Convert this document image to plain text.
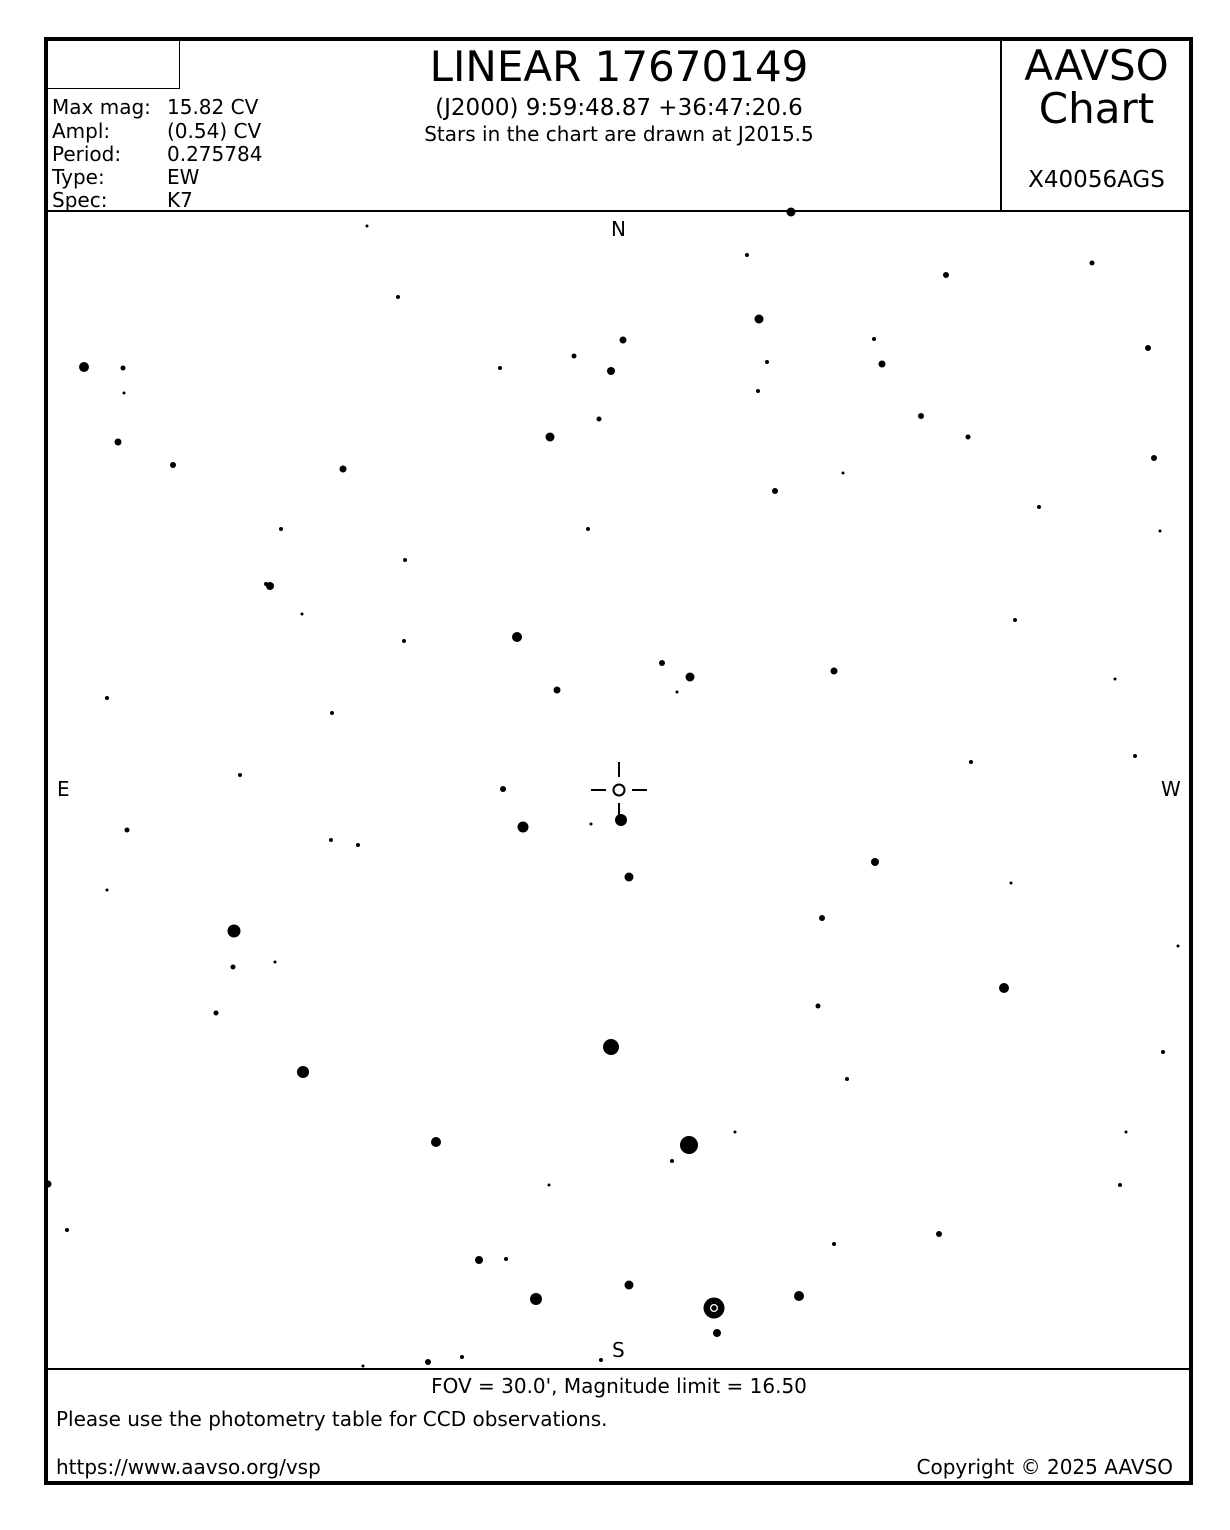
LINEAR 17670149
(J2000) 9:59:48.87 +36:47:20.6
Stars in the chart are drawn at J2015.5
AAVSO
Chart
X40056AGS
Max mag: 15.82 CV
Ampl:	(0.54) CV
Period: 0.275784
Type:	EW
Spec:	K7
N
S
E	W
FOV = 30.0', Magnitude limit = 16.50
Please use the photometry table for CCD observations.
https://www.aavso.org/vsp	Copyright © 2025 AAVSO
